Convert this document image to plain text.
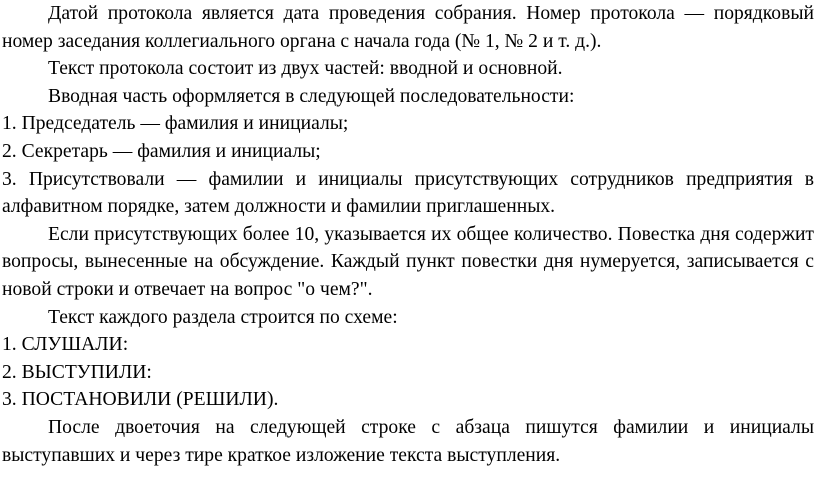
Датой протокола является дата проведения собрания. Номер протокола — порядковый номер заседания коллегиального органа с начала года (№ 1, № 2 и т. д.).

Текст протокола состоит из двух частей: вводной и основной.

Вводная часть оформляется в следующей последовательности:

1. Председатель — фамилия и инициалы;

2. Секретарь — фамилия и инициалы;

3. Присутствовали — фамилии и инициалы присутствующих сотрудников предприятия в алфавитном порядке, затем должности и фамилии приглашенных.

Если присутствующих более 10, указывается их общее количество. Повестка дня содержит вопросы, вынесенные на обсуждение. Каждый пункт повестки дня нумеруется, записывается с новой строки и отвечает на вопрос "о чем?".

Текст каждого раздела строится по схеме:

1. СЛУШАЛИ:

2. ВЫСТУПИЛИ:

3. ПОСТАНОВИЛИ (РЕШИЛИ).

После двоеточия на следующей строке с абзаца пишутся фамилии и инициалы выступавших и через тире краткое изложение текста выступления.
